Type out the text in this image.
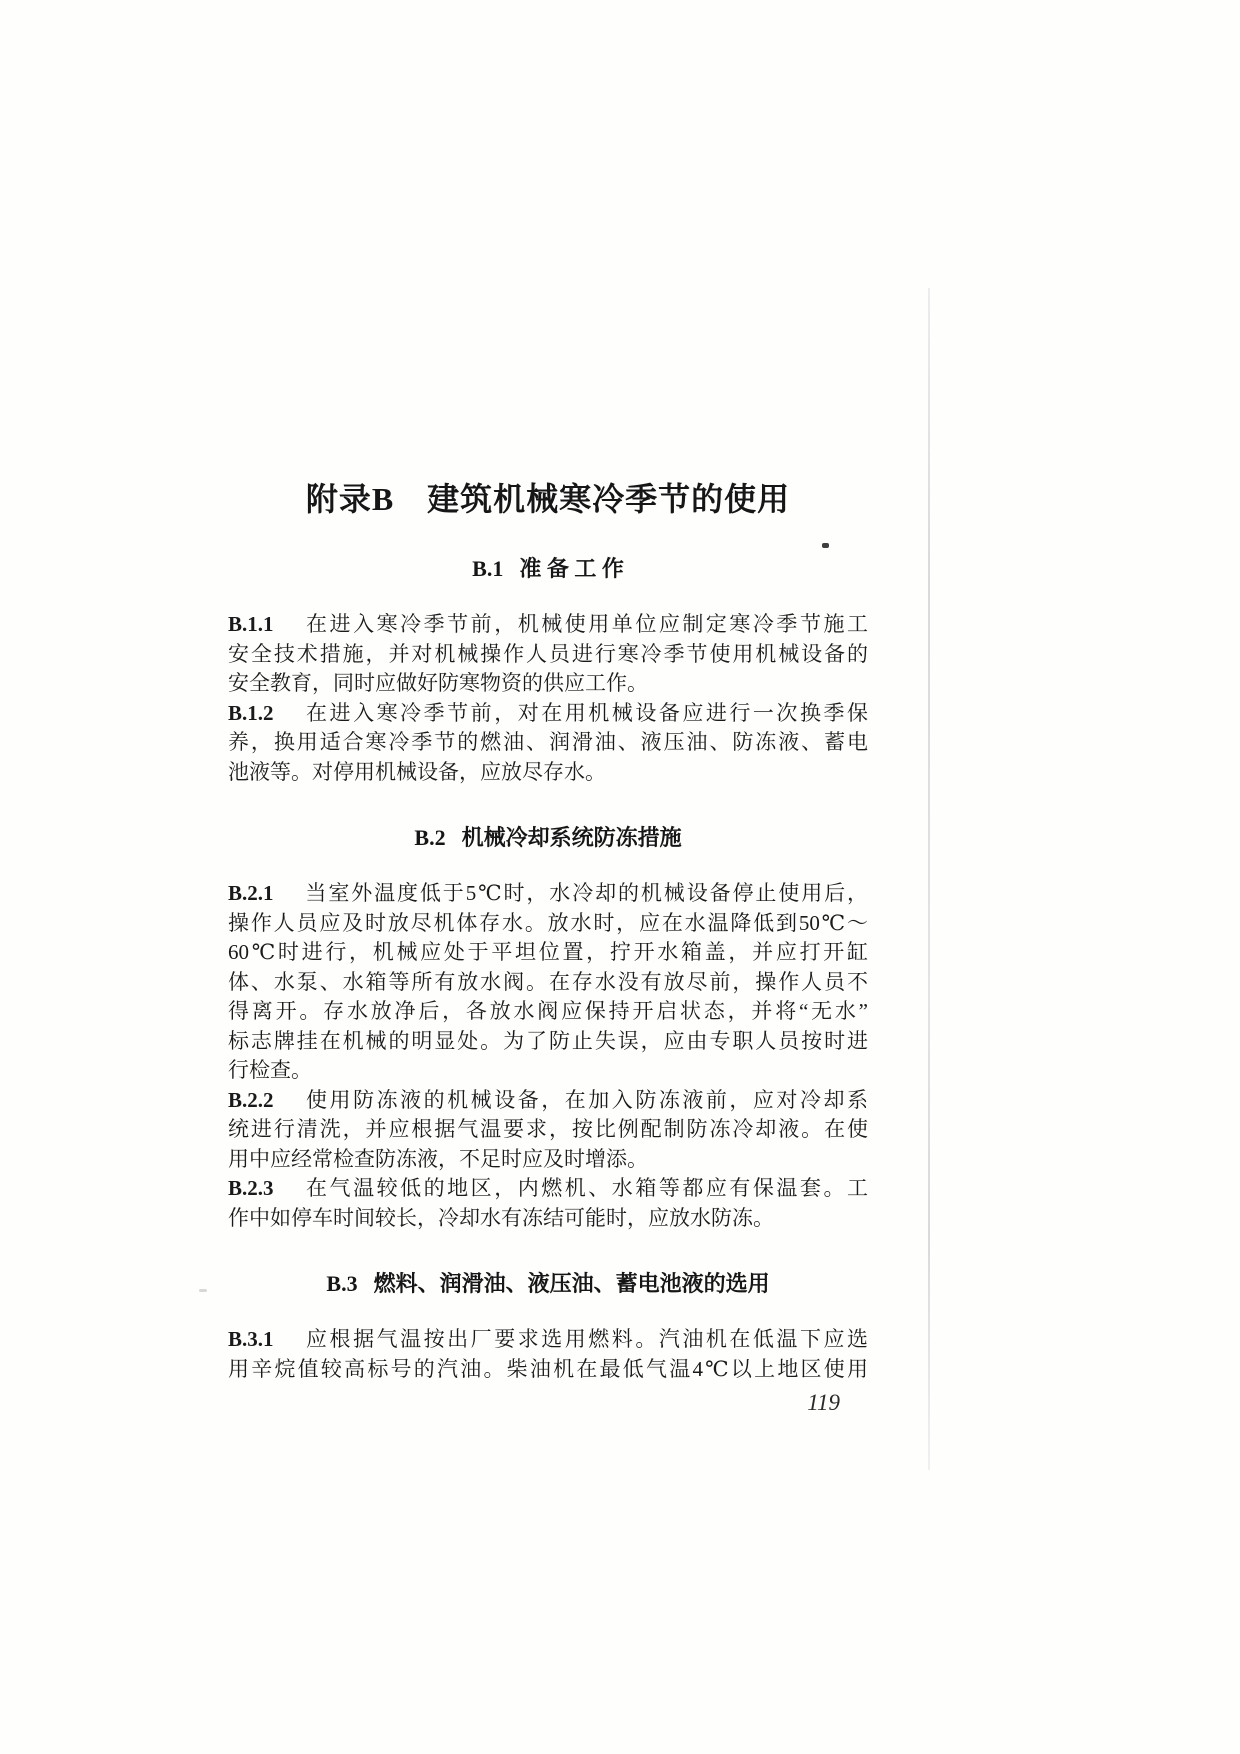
附录B　建筑机械寒冷季节的使用
B.1 准 备 工 作
B.1.1 在进入寒冷季节前，机械使用单位应制定寒冷季节施工
安全技术措施，并对机械操作人员进行寒冷季节使用机械设备的
安全教育，同时应做好防寒物资的供应工作。
B.1.2 在进入寒冷季节前，对在用机械设备应进行一次换季保
养，换用适合寒冷季节的燃油、润滑油、液压油、防冻液、蓄电
池液等。对停用机械设备，应放尽存水。
B.2 机械冷却系统防冻措施
B.2.1 当室外温度低于5℃时，水冷却的机械设备停止使用后，
操作人员应及时放尽机体存水。放水时，应在水温降低到50℃～
60℃时进行，机械应处于平坦位置，拧开水箱盖，并应打开缸
体、水泵、水箱等所有放水阀。在存水没有放尽前，操作人员不
得离开。存水放净后，各放水阀应保持开启状态，并将“无水”
标志牌挂在机械的明显处。为了防止失误，应由专职人员按时进
行检查。
B.2.2 使用防冻液的机械设备，在加入防冻液前，应对冷却系
统进行清洗，并应根据气温要求，按比例配制防冻冷却液。在使
用中应经常检查防冻液，不足时应及时增添。
B.2.3 在气温较低的地区，内燃机、水箱等都应有保温套。工
作中如停车时间较长，冷却水有冻结可能时，应放水防冻。
B.3 燃料、润滑油、液压油、蓄电池液的选用
B.3.1 应根据气温按出厂要求选用燃料。汽油机在低温下应选
用辛烷值较高标号的汽油。柴油机在最低气温4℃以上地区使用
119
